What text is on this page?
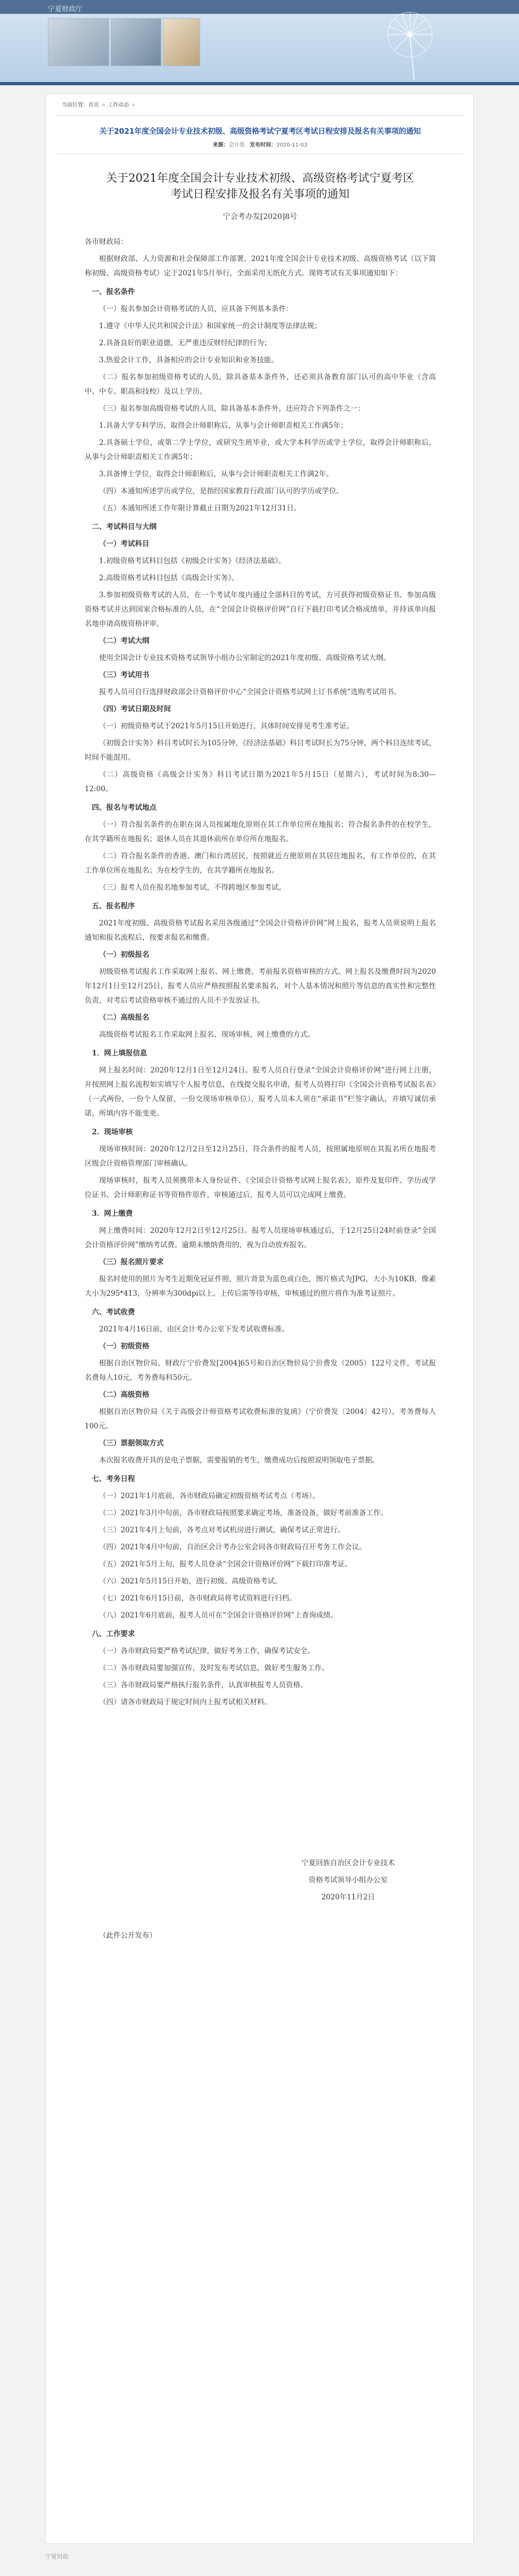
宁夏财政厅
当前位置：首页 > 工作动态 >
关于2021年度全国会计专业技术初级、高级资格考试宁夏考区考试日程安排及报名有关事项的通知
来源：会计处 发布时间：2020-11-03
关于2021年度全国会计专业技术初级、高级资格考试宁夏考区
考试日程安排及报名有关事项的通知
宁会考办发[2020]8号

各市财政局：

根据财政部、人力资源和社会保障部工作部署，2021年度全国会计专业技术初级、高级资格考试（以下简称初级、高级资格考试）定于2021年5月举行，全面采用无纸化方式。现将考试有关事项通知如下：

一、报名条件

（一）报名参加会计资格考试的人员，应具备下列基本条件：

1.遵守《中华人民共和国会计法》和国家统一的会计制度等法律法规；

2.具备良好的职业道德，无严重违反财经纪律的行为；

3.热爱会计工作，具备相应的会计专业知识和业务技能。

（二）报名参加初级资格考试的人员，除具备基本条件外，还必须具备教育部门认可的高中毕业（含高中、中专、职高和技校）及以上学历。

（三）报名参加高级资格考试的人员，除具备基本条件外，还应符合下列条件之一：

1.具备大学专科学历，取得会计师职称后，从事与会计师职责相关工作满5年；

2.具备硕士学位，或第二学士学位，或研究生班毕业，或大学本科学历或学士学位，取得会计师职称后，从事与会计师职责相关工作满5年；

3.具备博士学位，取得会计师职称后，从事与会计师职责相关工作满2年。

（四）本通知所述学历或学位，是指经国家教育行政部门认可的学历或学位。

（五）本通知所述工作年限计算截止日期为2021年12月31日。

二、考试科目与大纲

（一）考试科目

1.初级资格考试科目包括《初级会计实务》《经济法基础》。

2.高级资格考试科目包括《高级会计实务》。

3.参加初级资格考试的人员，在一个考试年度内通过全部科目的考试，方可获得初级资格证书。参加高级资格考试并达到国家合格标准的人员，在“全国会计资格评价网”自行下载打印考试合格成绩单，并持该单向报名地申请高级资格评审。

（二）考试大纲

使用全国会计专业技术资格考试领导小组办公室制定的2021年度初级、高级资格考试大纲。

（三）考试用书

报考人员可自行选择财政部会计资格评价中心“全国会计资格考试网上订书系统”选购考试用书。

（四）考试日期及时间

（一）初级资格考试于2021年5月15日开始进行，具体时间安排见考生准考证。

《初级会计实务》科目考试时长为105分钟，《经济法基础》科目考试时长为75分钟，两个科目连续考试，时间不能混用。

（二）高级资格《高级会计实务》科目考试日期为2021年5月15日（星期六），考试时间为8:30—12:00。

四、报名与考试地点

（一）符合报名条件的在职在岗人员按属地化原则在其工作单位所在地报名；符合报名条件的在校学生，在其学籍所在地报名；退休人员在其退休前所在单位所在地报名。

（二）符合报名条件的香港、澳门和台湾居民，按照就近方便原则在其居住地报名，有工作单位的，在其工作单位所在地报名；为在校学生的，在其学籍所在地报名。

（三）报考人员在报名地参加考试，不得跨地区参加考试。

五、报名程序

2021年度初级、高级资格考试报名采用各级通过“全国会计资格评价网”网上报名，报考人员须说明上报名通知和报名流程后，按要求报名和缴费。

（一）初级报名

初级资格考试报名工作采取网上报名、网上缴费、考前报名资格审核的方式。网上报名及缴费时间为2020年12月1日至12月25日，报考人员应严格按照报名要求报名，对个人基本情况和照片等信息的真实性和完整性负责，对考后考试资格审核不通过的人员不予发放证书。

（二）高级报名

高级资格考试报名工作采取网上报名、现场审核、网上缴费的方式。

1．网上填报信息

网上报名时间：2020年12月1日至12月24日。报考人员自行登录“全国会计资格评价网”进行网上注册，并按照网上报名流程如实填写个人报考信息，在线提交报名申请，报考人员将打印《全国会计资格考试报名表》（一式两份，一份个人保留，一份交现场审核单位），报考人员本人须在“承诺书”栏签字确认，并填写诚信承诺，所填内容不能变更。

2．现场审核

现场审核时间：2020年12月2日至12月25日，符合条件的报考人员，按照属地原则在其报名所在地报考区级会计资格管理部门审核确认。

现场审核时，报考人员须携带本人身份证件、《全国会计资格考试网上报名表》、原件及复印件、学历或学位证书、会计师职称证书等资格件原件，审核通过后，报考人员可以完成网上缴费。

3．网上缴费

网上缴费时间：2020年12月2日至12月25日。报考人员现场审核通过后，于12月25日24时前登录“全国会计资格评价网”缴纳考试费。逾期未缴纳费用的，视为自动放弃报名。

（三）报名照片要求

报名时使用的照片为考生近期免冠证件照，照片背景为蓝色或白色，图片格式为JPG，大小为10KB，像素大小为295*413，分辨率为300dpi以上。上传后需等待审核，审核通过的照片将作为准考证照片。

六、考试收费

2021年4月16日前，由区会计考办公室下发考试收费标准。

（一）初级资格

根据自治区物价局、财政厅宁价费发[2004]65号和自治区物价局宁价费发（2005）122号文件，考试报名费每人10元，考务费每科50元。

（二）高级资格

根据自治区物价局《关于高级会计师资格考试收费标准的复函》（宁价费发〔2004〕42号），考务费每人100元。

（三）票据领取方式

本次报名收费开具的是电子票据，需要报销的考生，缴费成功后按照说明领取电子票据。

七、考务日程

（一）2021年1月底前，各市财政局确定初级资格考试考点（考场）。

（二）2021年3月中旬前，各市财政局按照要求确定考场，准备设备，做好考前准备工作。

（三）2021年4月上旬前，各考点对考试机房进行测试，确保考试正常进行。

（四）2021年4月中旬前，自治区会计考办公室会同各市财政局召开考务工作会议。

（五）2021年5月上旬，报考人员登录“全国会计资格评价网”下载打印准考证。

（六）2021年5月15日开始，进行初级、高级资格考试。

（七）2021年6月15日前，各市财政局将考试资料进行归档。

（八）2021年6月底前，报考人员可在“全国会计资格评价网”上查询成绩。

八、工作要求

（一）各市财政局要严格考试纪律，做好考务工作，确保考试安全。

（二）各市财政局要加强宣传，及时发布考试信息，做好考生服务工作。

（三）各市财政局要严格执行报名条件，认真审核报考人员资格。

（四）请各市财政局于规定时间内上报考试相关材料。

宁夏回族自治区会计专业技术

资格考试领导小组办公室

2020年11月2日

（此件公开发布）

宁夏财政
